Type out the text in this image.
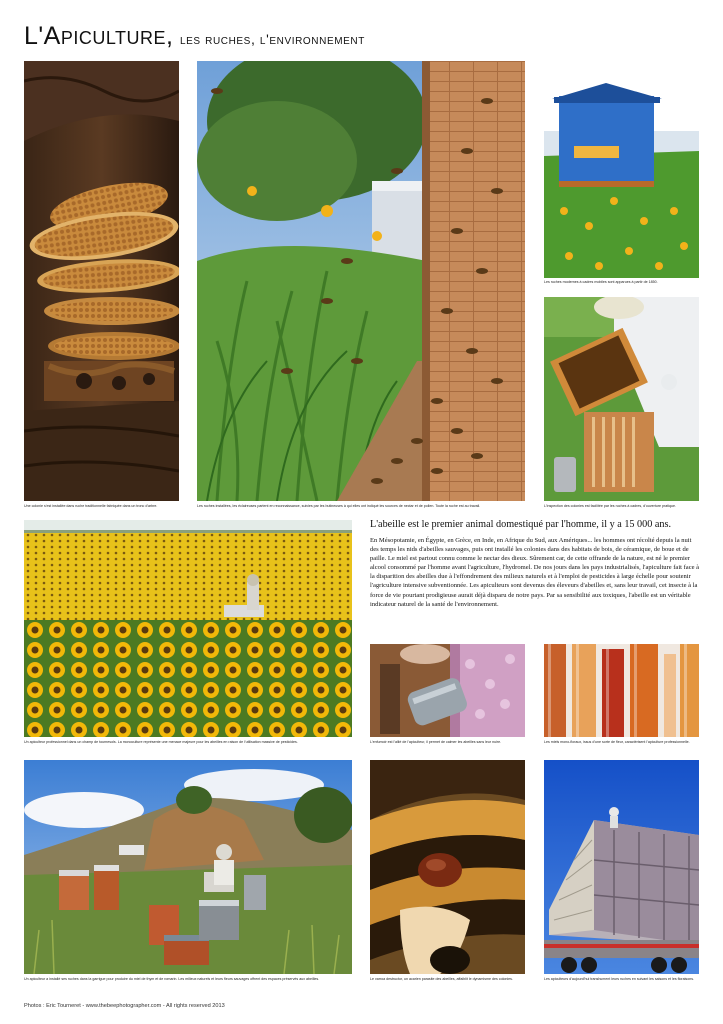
L'Apiculture, les ruches, l'environnement
Une colonie s'est installée dans ruche traditionnelle fabriquée dans un tronc d'arbre.	Les ruches installées, les éclaireuses partent en reconnaissance, suivies par les butineuses à qui elles ont indiqué les sources de nectar et de pollen. Toute la ruche est au travail.
Les ruches modernes à cadres mobiles sont apparues à partir de 1850.
L'inspection des colonies est facilitée par les ruches à cadres, d'ouverture pratique.
Un apiculteur professionnel dans un champ de tournesols. La monoculture représente une menace majeure pour les abeilles en raison de l'utilisation massive de pesticides.
L'abeille est le premier animal domestiqué par l'homme, il y a 15 000 ans.

En Mésopotamie, en Égypte, en Grèce, en Inde, en Afrique du Sud, aux Amériques... les hommes ont récolté depuis la nuit des temps les nids d'abeilles sauvages, puis ont installé les colonies dans des habitats de bois, de céramique, de boue et de paille. Le miel est partout connu comme le nectar des dieux. Sûrement car, de cette offrande de la nature, est né le premier alcool consommé par l'homme avant l'agriculture, l'hydromel. De nos jours dans les pays industrialisés, l'apiculture fait face à la disparition des abeilles due à l'effondrement des milieux naturels et à l'emploi de pesticides à large échelle pour soutenir l'agriculture intensive subventionnée. Les apiculteurs sont devenus des éleveurs d'abeilles et, sans leur travail, cet insecte à la force de vie pourtant prodigieuse aurait déjà disparu de notre pays. Par sa sensibilité aux toxiques, l'abeille est un véritable indicateur naturel de la santé de l'environnement.

L'enfumoir est l'allié de l'apiculteur, il permet de calmer les abeilles sans leur nuire.	Les miels mono-floraux, issus d'une sorte de fleur, caractérisent l'apiculture professionnelle.
Un apiculteur a installé ses ruches dans la garrigue pour produire du miel de thym et de romarin. Les milieux naturels et leurs fleurs sauvages offrent des espaces préservés aux abeilles.	Le varroa destructor, un acarien parasite des abeilles, affaiblit le dynamisme des colonies.	Les apiculteurs d'aujourd'hui transhument leurs ruches en suivant les saisons et les floraisons.
Photos : Eric Tourneret - www.thebeephotographer.com - All rights reserved 2013
